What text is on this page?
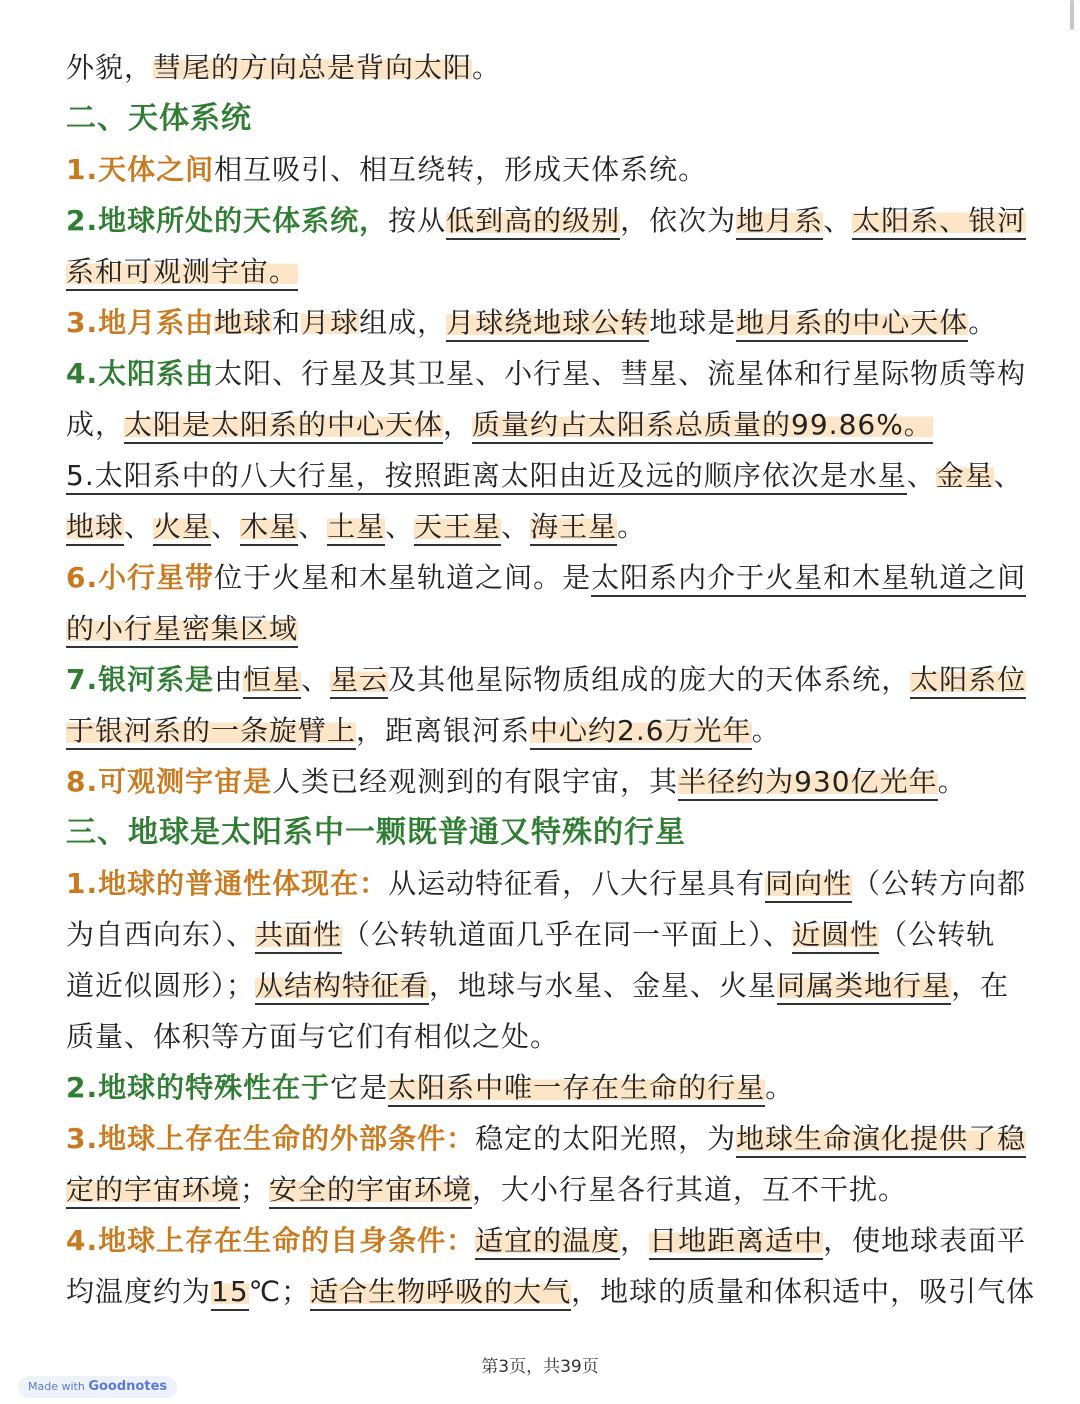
外貌，彗尾的方向总是背向太阳。
二、天体系统
1.天体之间相互吸引、相互绕转，形成天体系统。
2.地球所处的天体系统，按从低到高的级别，依次为地月系、太阳系、银河
系和可观测宇宙。
3.地月系由地球和月球组成，月球绕地球公转地球是地月系的中心天体。
4.太阳系由太阳、行星及其卫星、小行星、彗星、流星体和行星际物质等构
成，太阳是太阳系的中心天体，质量约占太阳系总质量的99.86%。
5.太阳系中的八大行星，按照距离太阳由近及远的顺序依次是水星、金星、
地球、火星、木星、土星、天王星、海王星。
6.小行星带位于火星和木星轨道之间。是太阳系内介于火星和木星轨道之间
的小行星密集区域
7.银河系是由恒星、星云及其他星际物质组成的庞大的天体系统，太阳系位
于银河系的一条旋臂上，距离银河系中心约2.6万光年。
8.可观测宇宙是人类已经观测到的有限宇宙，其半径约为930亿光年。
三、地球是太阳系中一颗既普通又特殊的行星
1.地球的普通性体现在：从运动特征看，八大行星具有同向性（公转方向都
为自西向东）、共面性（公转轨道面几乎在同一平面上）、近圆性（公转轨
道近似圆形）；从结构特征看，地球与水星、金星、火星同属类地行星，在
质量、体积等方面与它们有相似之处。
2.地球的特殊性在于它是太阳系中唯一存在生命的行星。
3.地球上存在生命的外部条件：稳定的太阳光照，为地球生命演化提供了稳
定的宇宙环境；安全的宇宙环境，大小行星各行其道，互不干扰。
4.地球上存在生命的自身条件：适宜的温度，日地距离适中，使地球表面平
均温度约为15℃；适合生物呼吸的大气，地球的质量和体积适中，吸引气体
第3页，共39页
Made with Goodnotes
